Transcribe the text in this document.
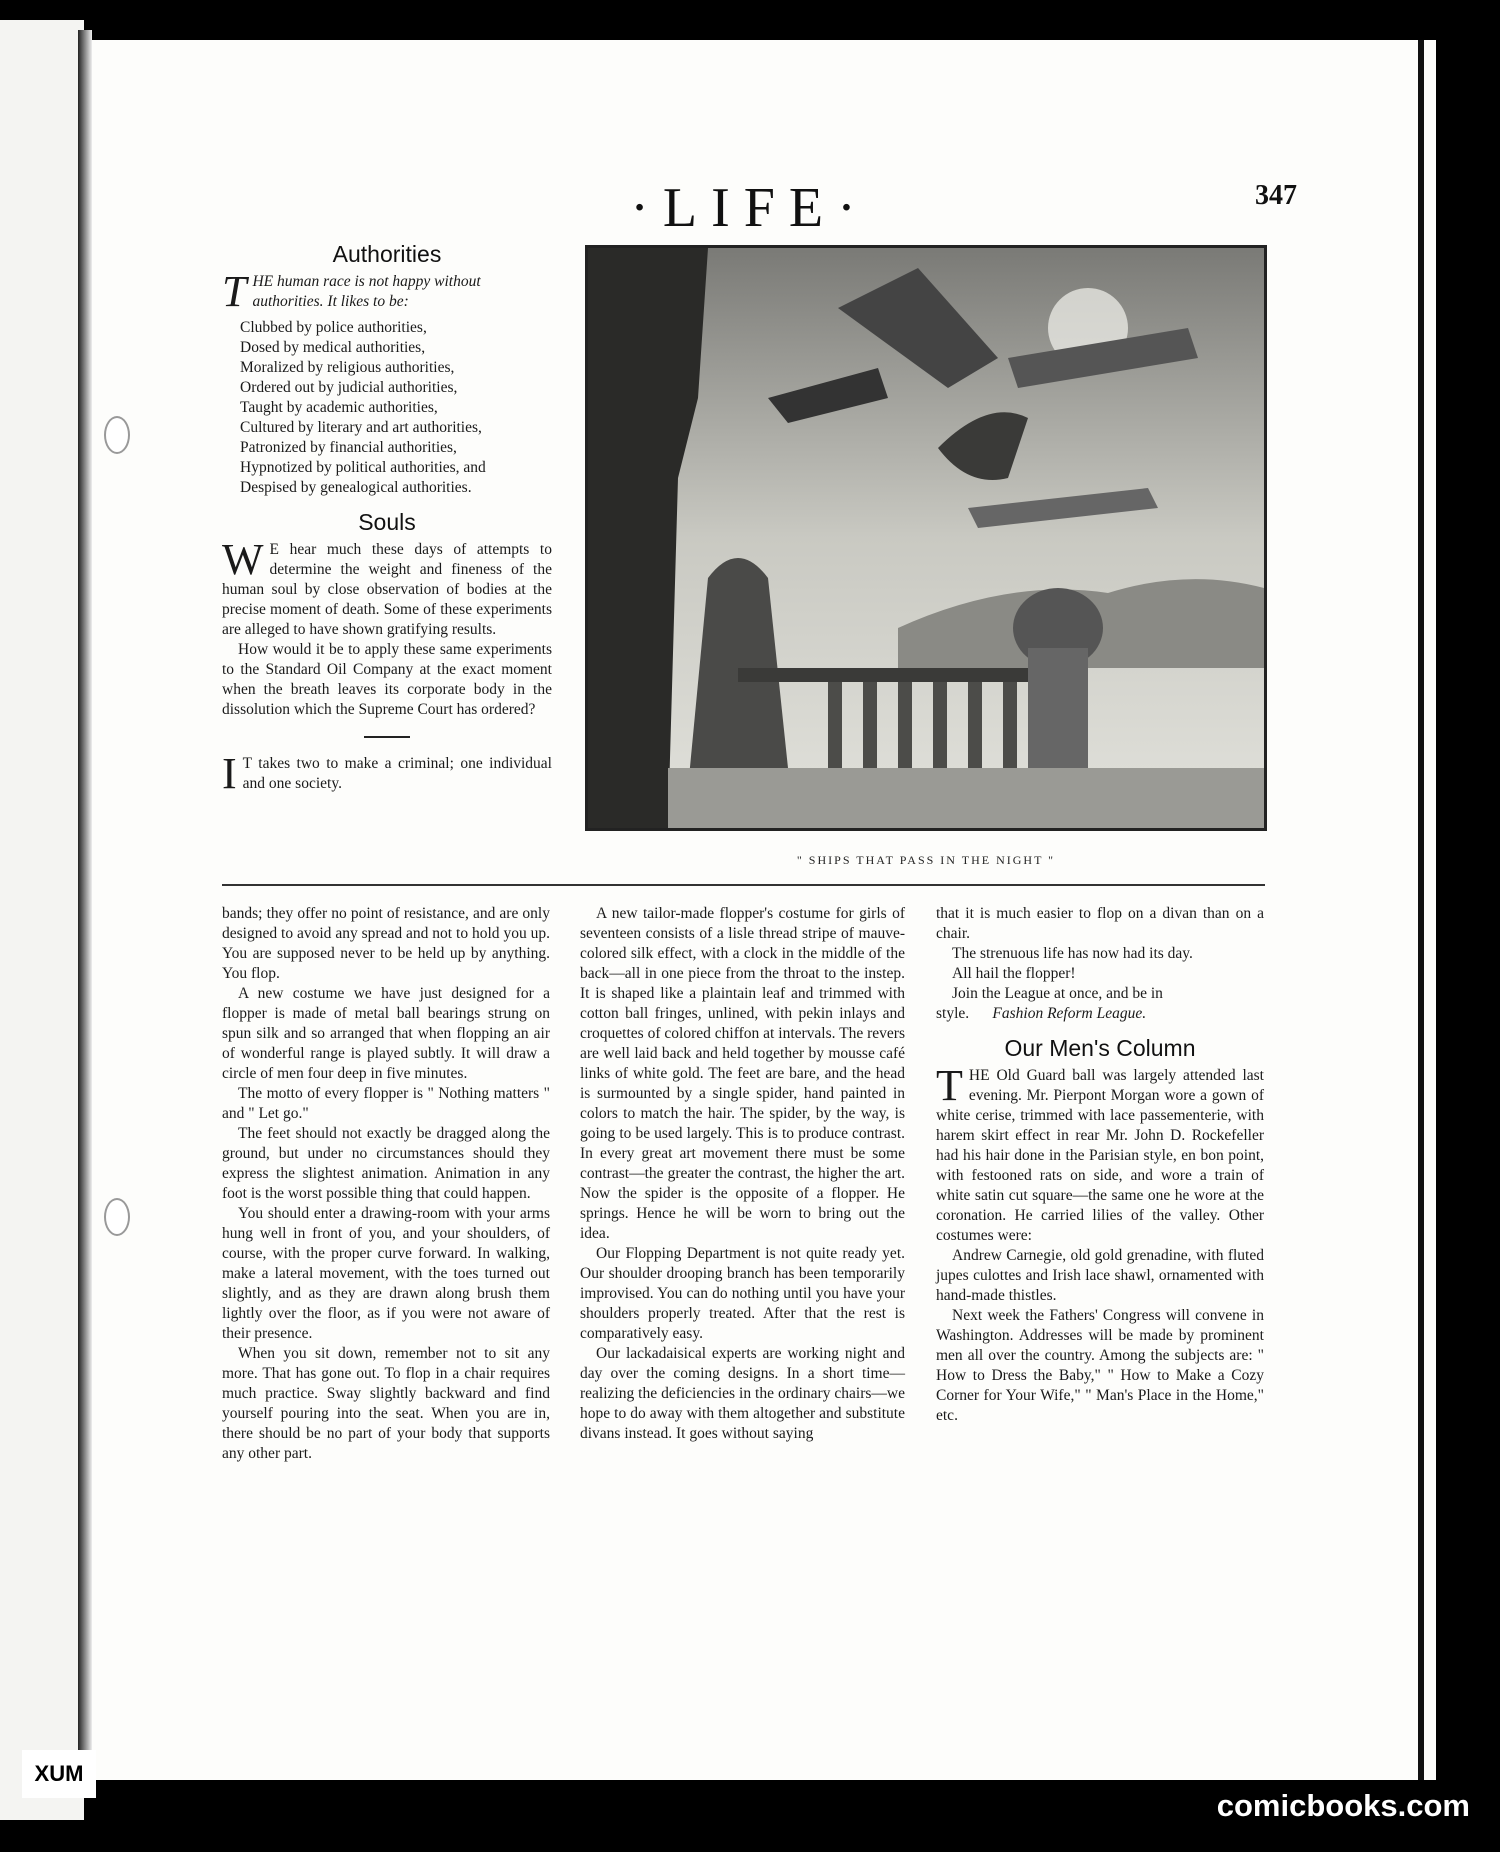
·LIFE·	347
Authorities
T HE human race is not happy without authorities. It likes to be:
Clubbed by police authorities,
Dosed by medical authorities,
Moralized by religious authorities,
Ordered out by judicial authorities,
Taught by academic authorities,
Cultured by literary and art authorities,
Patronized by financial authorities,
Hypnotized by political authorities, and
Despised by genealogical authorities.
Souls

W E hear much these days of attempts to determine the weight and fineness of the human soul by close observation of bodies at the precise moment of death. Some of these experiments are alleged to have shown gratifying results.

How would it be to apply these same experiments to the Standard Oil Company at the exact moment when the breath leaves its corporate body in the dissolution which the Supreme Court has ordered?

I T takes two to make a criminal; one individual and one society.

" SHIPS THAT PASS IN THE NIGHT "

bands; they offer no point of resistance, and are only designed to avoid any spread and not to hold you up. You are supposed never to be held up by anything. You flop.

A new costume we have just designed for a flopper is made of metal ball bearings strung on spun silk and so arranged that when flopping an air of wonderful range is played subtly. It will draw a circle of men four deep in five minutes.

The motto of every flopper is " Nothing matters " and " Let go."

The feet should not exactly be dragged along the ground, but under no circumstances should they express the slightest animation. Animation in any foot is the worst possible thing that could happen.

You should enter a drawing-room with your arms hung well in front of you, and your shoulders, of course, with the proper curve forward. In walking, make a lateral movement, with the toes turned out slightly, and as they are drawn along brush them lightly over the floor, as if you were not aware of their presence.

When you sit down, remember not to sit any more. That has gone out. To flop in a chair requires much practice. Sway slightly backward and find yourself pouring into the seat. When you are in, there should be no part of your body that supports any other part.

A new tailor-made flopper's costume for girls of seventeen consists of a lisle thread stripe of mauve-colored silk effect, with a clock in the middle of the back—all in one piece from the throat to the instep. It is shaped like a plaintain leaf and trimmed with cotton ball fringes, unlined, with pekin inlays and croquettes of colored chiffon at intervals. The revers are well laid back and held together by mousse café links of white gold. The feet are bare, and the head is surmounted by a single spider, hand painted in colors to match the hair. The spider, by the way, is going to be used largely. This is to produce contrast. In every great art movement there must be some contrast—the greater the contrast, the higher the art. Now the spider is the opposite of a flopper. He springs. Hence he will be worn to bring out the idea.

Our Flopping Department is not quite ready yet. Our shoulder drooping branch has been temporarily improvised. You can do nothing until you have your shoulders properly treated. After that the rest is comparatively easy.

Our lackadaisical experts are working night and day over the coming designs. In a short time—realizing the deficiencies in the ordinary chairs—we hope to do away with them altogether and substitute divans instead. It goes without saying

that it is much easier to flop on a divan than on a chair.

The strenuous life has now had its day.

All hail the flopper!

Join the League at once, and be in style. Fashion Reform League.

Our Men's Column

THE Old Guard ball was largely attended last evening. Mr. Pierpont Morgan wore a gown of white cerise, trimmed with lace passementerie, with harem skirt effect in rear Mr. John D. Rockefeller had his hair done in the Parisian style, en bon point, with festooned rats on side, and wore a train of white satin cut square—the same one he wore at the coronation. He carried lilies of the valley. Other costumes were:

Andrew Carnegie, old gold grenadine, with fluted jupes culottes and Irish lace shawl, ornamented with hand-made thistles.

Next week the Fathers' Congress will convene in Washington. Addresses will be made by prominent men all over the country. Among the subjects are: " How to Dress the Baby," " How to Make a Cozy Corner for Your Wife," " Man's Place in the Home," etc.

XUM
comicbooks.com
